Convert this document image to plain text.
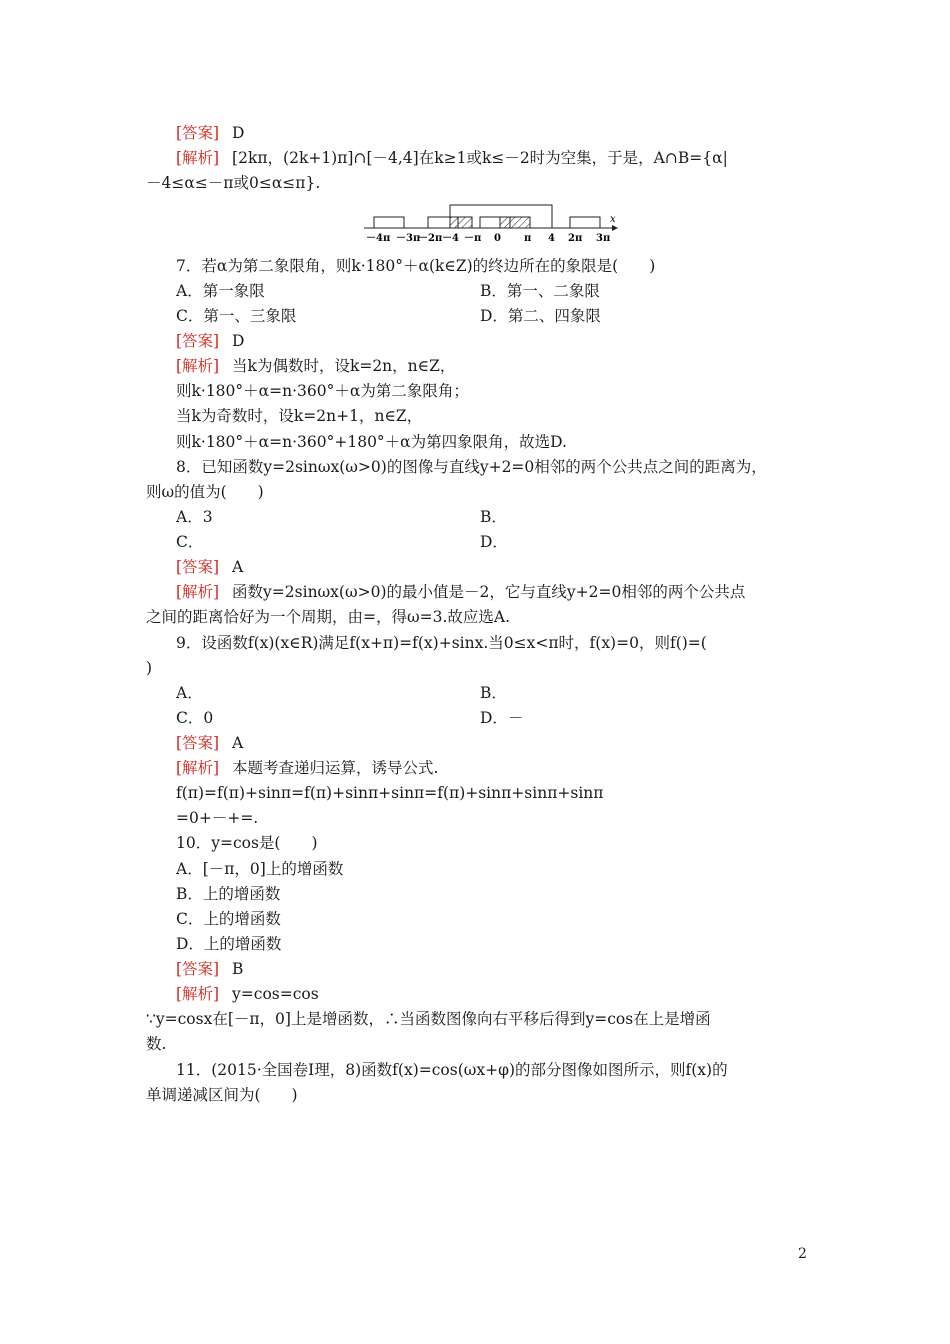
[答案] D
[解析] [2kπ，(2k+1)π]∩[－4,4]在k≥1或k≤－2时为空集，于是，A∩B={α|
－4≤α≤－π或0≤α≤π}.
x
－4π －3π
－2π －4 －π 0 π 4 2π 3π
7．若α为第二象限角，则k·180°＋α(k∈Z)的终边所在的象限是(　　)
A．第一象限	B．第一、二象限
C．第一、三象限	D．第二、四象限
[答案] D
[解析] 当k为偶数时，设k=2n，n∈Z，
则k·180°＋α=n·360°＋α为第二象限角；
当k为奇数时，设k=2n+1，n∈Z，
则k·180°＋α=n·360°+180°＋α为第四象限角，故选D.
8．已知函数y=2sinωx(ω>0)的图像与直线y+2=0相邻的两个公共点之间的距离为，
则ω的值为(　　)
A．3	B．
C．	D．
[答案] A
[解析] 函数y=2sinωx(ω>0)的最小值是－2，它与直线y+2=0相邻的两个公共点
之间的距离恰好为一个周期，由=，得ω=3.故应选A.
9．设函数f(x)(x∈R)满足f(x+π)=f(x)+sinx.当0≤x<π时，f(x)=0，则f()=(
)
A．	B．
C．0	D．－
[答案] A
[解析] 本题考查递归运算，诱导公式.
f(π)=f(π)+sinπ=f(π)+sinπ+sinπ=f(π)+sinπ+sinπ+sinπ
=0+－+=.
10．y=cos是(　　)
A．[－π，0]上的增函数
B．上的增函数
C．上的增函数
D．上的增函数
[答案] B
[解析] y=cos=cos
∵y=cosx在[－π，0]上是增函数，∴当函数图像向右平移后得到y=cos在上是增函
数.
11．(2015·全国卷Ⅰ理，8)函数f(x)=cos(ωx+φ)的部分图像如图所示，则f(x)的
单调递减区间为(　　)
2
